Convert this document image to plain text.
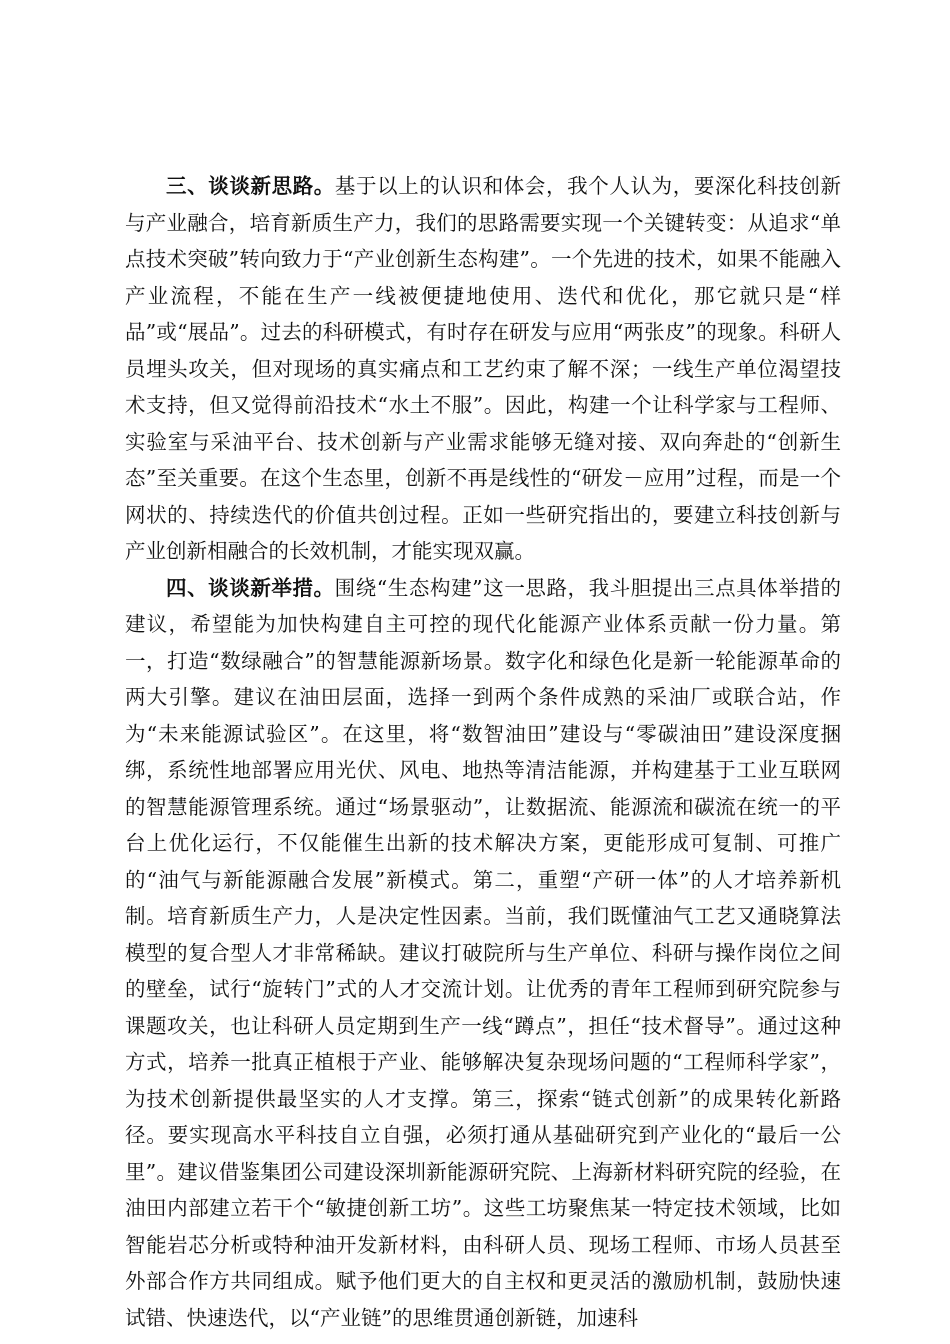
三、谈谈新思路。基于以上的认识和体会，我个人认为，要深化科技创新与产业融合，培育新质生产力，我们的思路需要实现一个关键转变：从追求“单点技术突破”转向致力于“产业创新生态构建”。一个先进的技术，如果不能融入产业流程，不能在生产一线被便捷地使用、迭代和优化，那它就只是“样品”或“展品”。过去的科研模式，有时存在研发与应用“两张皮”的现象。科研人员埋头攻关，但对现场的真实痛点和工艺约束了解不深；一线生产单位渴望技术支持，但又觉得前沿技术“水土不服”。因此，构建一个让科学家与工程师、实验室与采油平台、技术创新与产业需求能够无缝对接、双向奔赴的“创新生态”至关重要。在这个生态里，创新不再是线性的“研发－应用”过程，而是一个网状的、持续迭代的价值共创过程。正如一些研究指出的，要建立科技创新与产业创新相融合的长效机制，才能实现双赢。

四、谈谈新举措。围绕“生态构建”这一思路，我斗胆提出三点具体举措的建议，希望能为加快构建自主可控的现代化能源产业体系贡献一份力量。第一，打造“数绿融合”的智慧能源新场景。数字化和绿色化是新一轮能源革命的两大引擎。建议在油田层面，选择一到两个条件成熟的采油厂或联合站，作为“未来能源试验区”。在这里，将“数智油田”建设与“零碳油田”建设深度捆绑，系统性地部署应用光伏、风电、地热等清洁能源，并构建基于工业互联网的智慧能源管理系统。通过“场景驱动”，让数据流、能源流和碳流在统一的平台上优化运行，不仅能催生出新的技术解决方案，更能形成可复制、可推广的“油气与新能源融合发展”新模式。第二，重塑“产研一体”的人才培养新机制。培育新质生产力，人是决定性因素。当前，我们既懂油气工艺又通晓算法模型的复合型人才非常稀缺。建议打破院所与生产单位、科研与操作岗位之间的壁垒，试行“旋转门”式的人才交流计划。让优秀的青年工程师到研究院参与课题攻关，也让科研人员定期到生产一线“蹲点”，担任“技术督导”。通过这种方式，培养一批真正植根于产业、能够解决复杂现场问题的“工程师科学家”，为技术创新提供最坚实的人才支撑。第三，探索“链式创新”的成果转化新路径。要实现高水平科技自立自强，必须打通从基础研究到产业化的“最后一公里”。建议借鉴集团公司建设深圳新能源研究院、上海新材料研究院的经验，在油田内部建立若干个“敏捷创新工坊”。这些工坊聚焦某一特定技术领域，比如智能岩芯分析或特种油开发新材料，由科研人员、现场工程师、市场人员甚至外部合作方共同组成。赋予他们更大的自主权和更灵活的激励机制，鼓励快速试错、快速迭代，以“产业链”的思维贯通创新链，加速科
